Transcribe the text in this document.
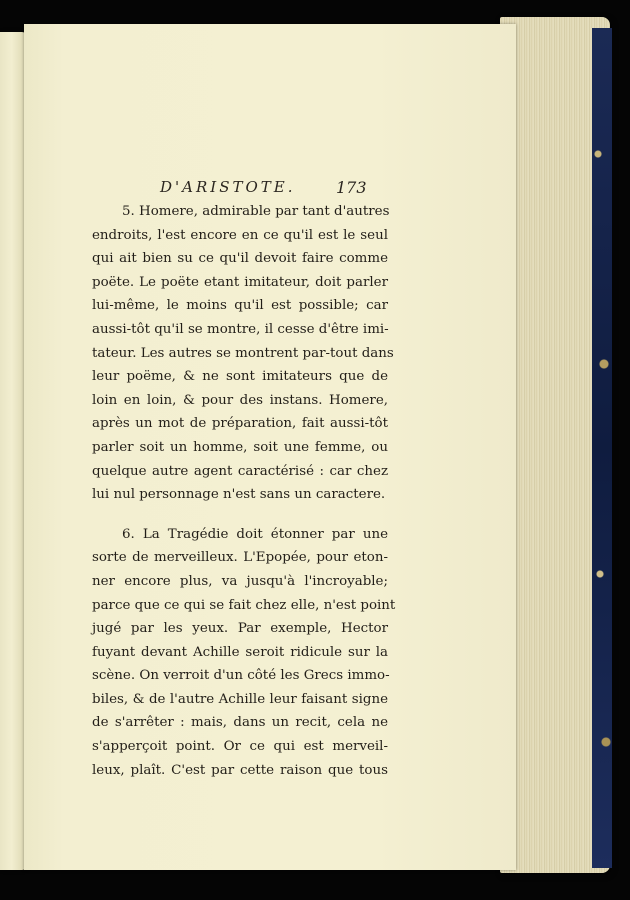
D'ARISTOTE.	173

5. Homere, admirable par tant d'autres
endroits, l'est encore en ce qu'il est le seul
qui ait bien su ce qu'il devoit faire comme
poëte. Le poëte etant imitateur, doit parler
lui-même, le moins qu'il est possible; car
aussi-tôt qu'il se montre, il cesse d'être imi-
tateur. Les autres se montrent par-tout dans
leur poëme, & ne sont imitateurs que de
loin en loin, & pour des instans. Homere,
après un mot de préparation, fait aussi-tôt
parler soit un homme, soit une femme, ou
quelque autre agent caractérisé : car chez
lui nul personnage n'est sans un caractere.

6. La Tragédie doit étonner par une
sorte de merveilleux. L'Epopée, pour eton-
ner encore plus, va jusqu'à l'incroyable;
parce que ce qui se fait chez elle, n'est point
jugé par les yeux. Par exemple, Hector
fuyant devant Achille seroit ridicule sur la
scène. On verroit d'un côté les Grecs immo-
biles, & de l'autre Achille leur faisant signe
de s'arrêter : mais, dans un recit, cela ne
s'apperçoit point. Or ce qui est merveil-
leux, plaît. C'est par cette raison que tous
